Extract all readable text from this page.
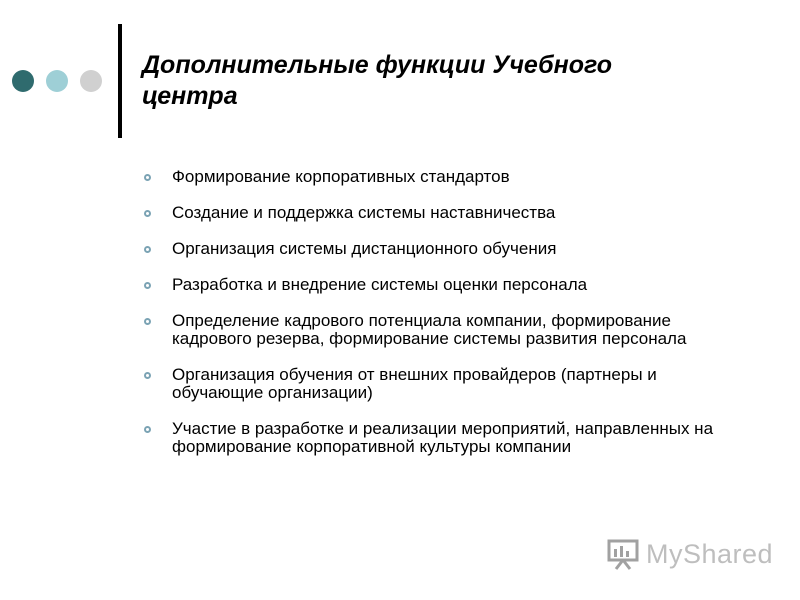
Дополнительные функции Учебного центра
Формирование корпоративных стандартов
Создание и поддержка системы наставничества
Организация системы дистанционного обучения
Разработка и внедрение системы оценки персонала
Определение кадрового потенциала компании, формирование кадрового резерва, формирование системы развития персонала
Организация обучения от внешних провайдеров (партнеры и обучающие организации)
Участие в разработке и реализации мероприятий, направленных на формирование корпоративной культуры компании
MyShared
